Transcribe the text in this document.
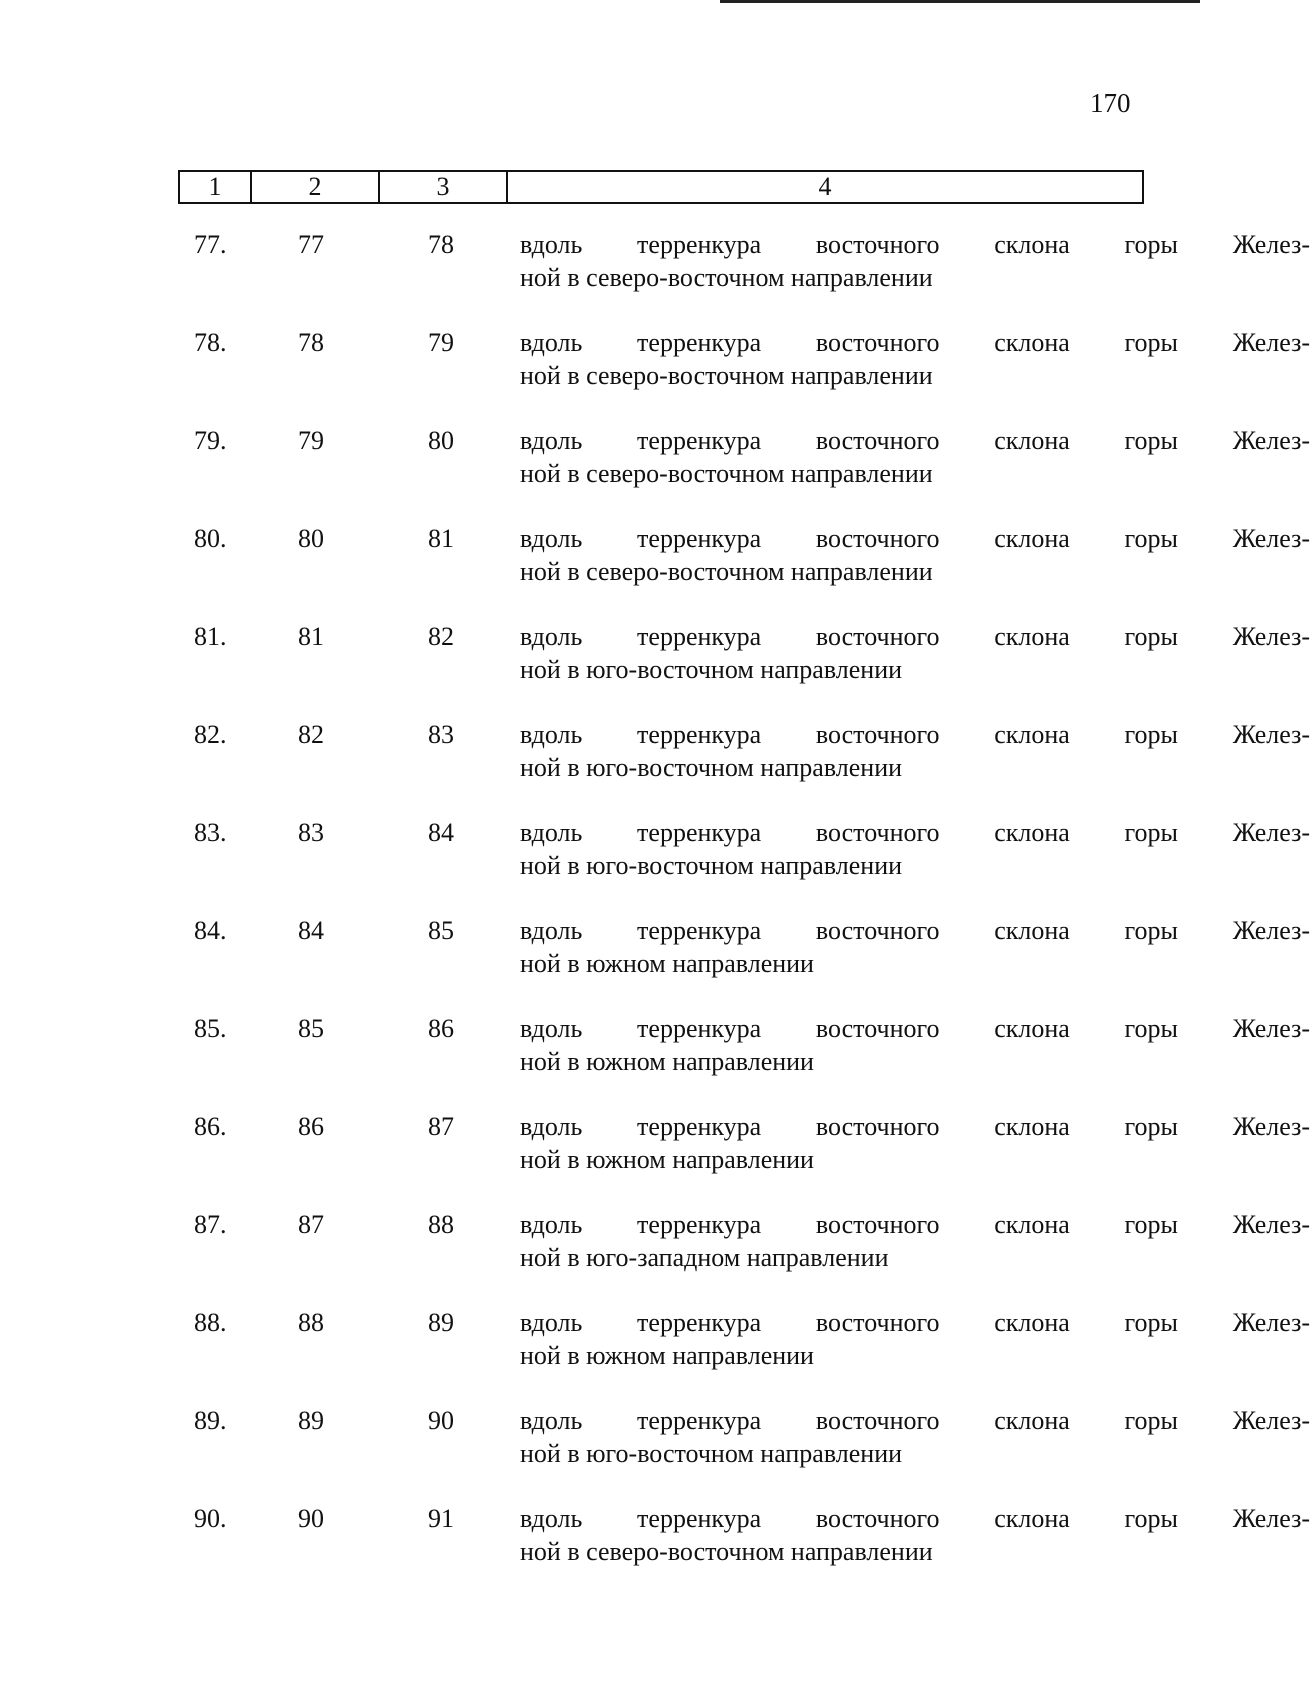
170
1	2	3	4
77.	77	78	вдоль терренкура восточного склона горы Желез-
ной в северо-восточном направлении
78.	78	79	вдоль терренкура восточного склона горы Желез-
ной в северо-восточном направлении
79.	79	80	вдоль терренкура восточного склона горы Желез-
ной в северо-восточном направлении
80.	80	81	вдоль терренкура восточного склона горы Желез-
ной в северо-восточном направлении
81.	81	82	вдоль терренкура восточного склона горы Желез-
ной в юго-восточном направлении
82.	82	83	вдоль терренкура восточного склона горы Желез-
ной в юго-восточном направлении
83.	83	84	вдоль терренкура восточного склона горы Желез-
ной в юго-восточном направлении
84.	84	85	вдоль терренкура восточного склона горы Желез-
ной в южном направлении
85.	85	86	вдоль терренкура восточного склона горы Желез-
ной в южном направлении
86.	86	87	вдоль терренкура восточного склона горы Желез-
ной в южном направлении
87.	87	88	вдоль терренкура восточного склона горы Желез-
ной в юго-западном направлении
88.	88	89	вдоль терренкура восточного склона горы Желез-
ной в южном направлении
89.	89	90	вдоль терренкура восточного склона горы Желез-
ной в юго-восточном направлении
90.	90	91	вдоль терренкура восточного склона горы Желез-
ной в северо-восточном направлении
